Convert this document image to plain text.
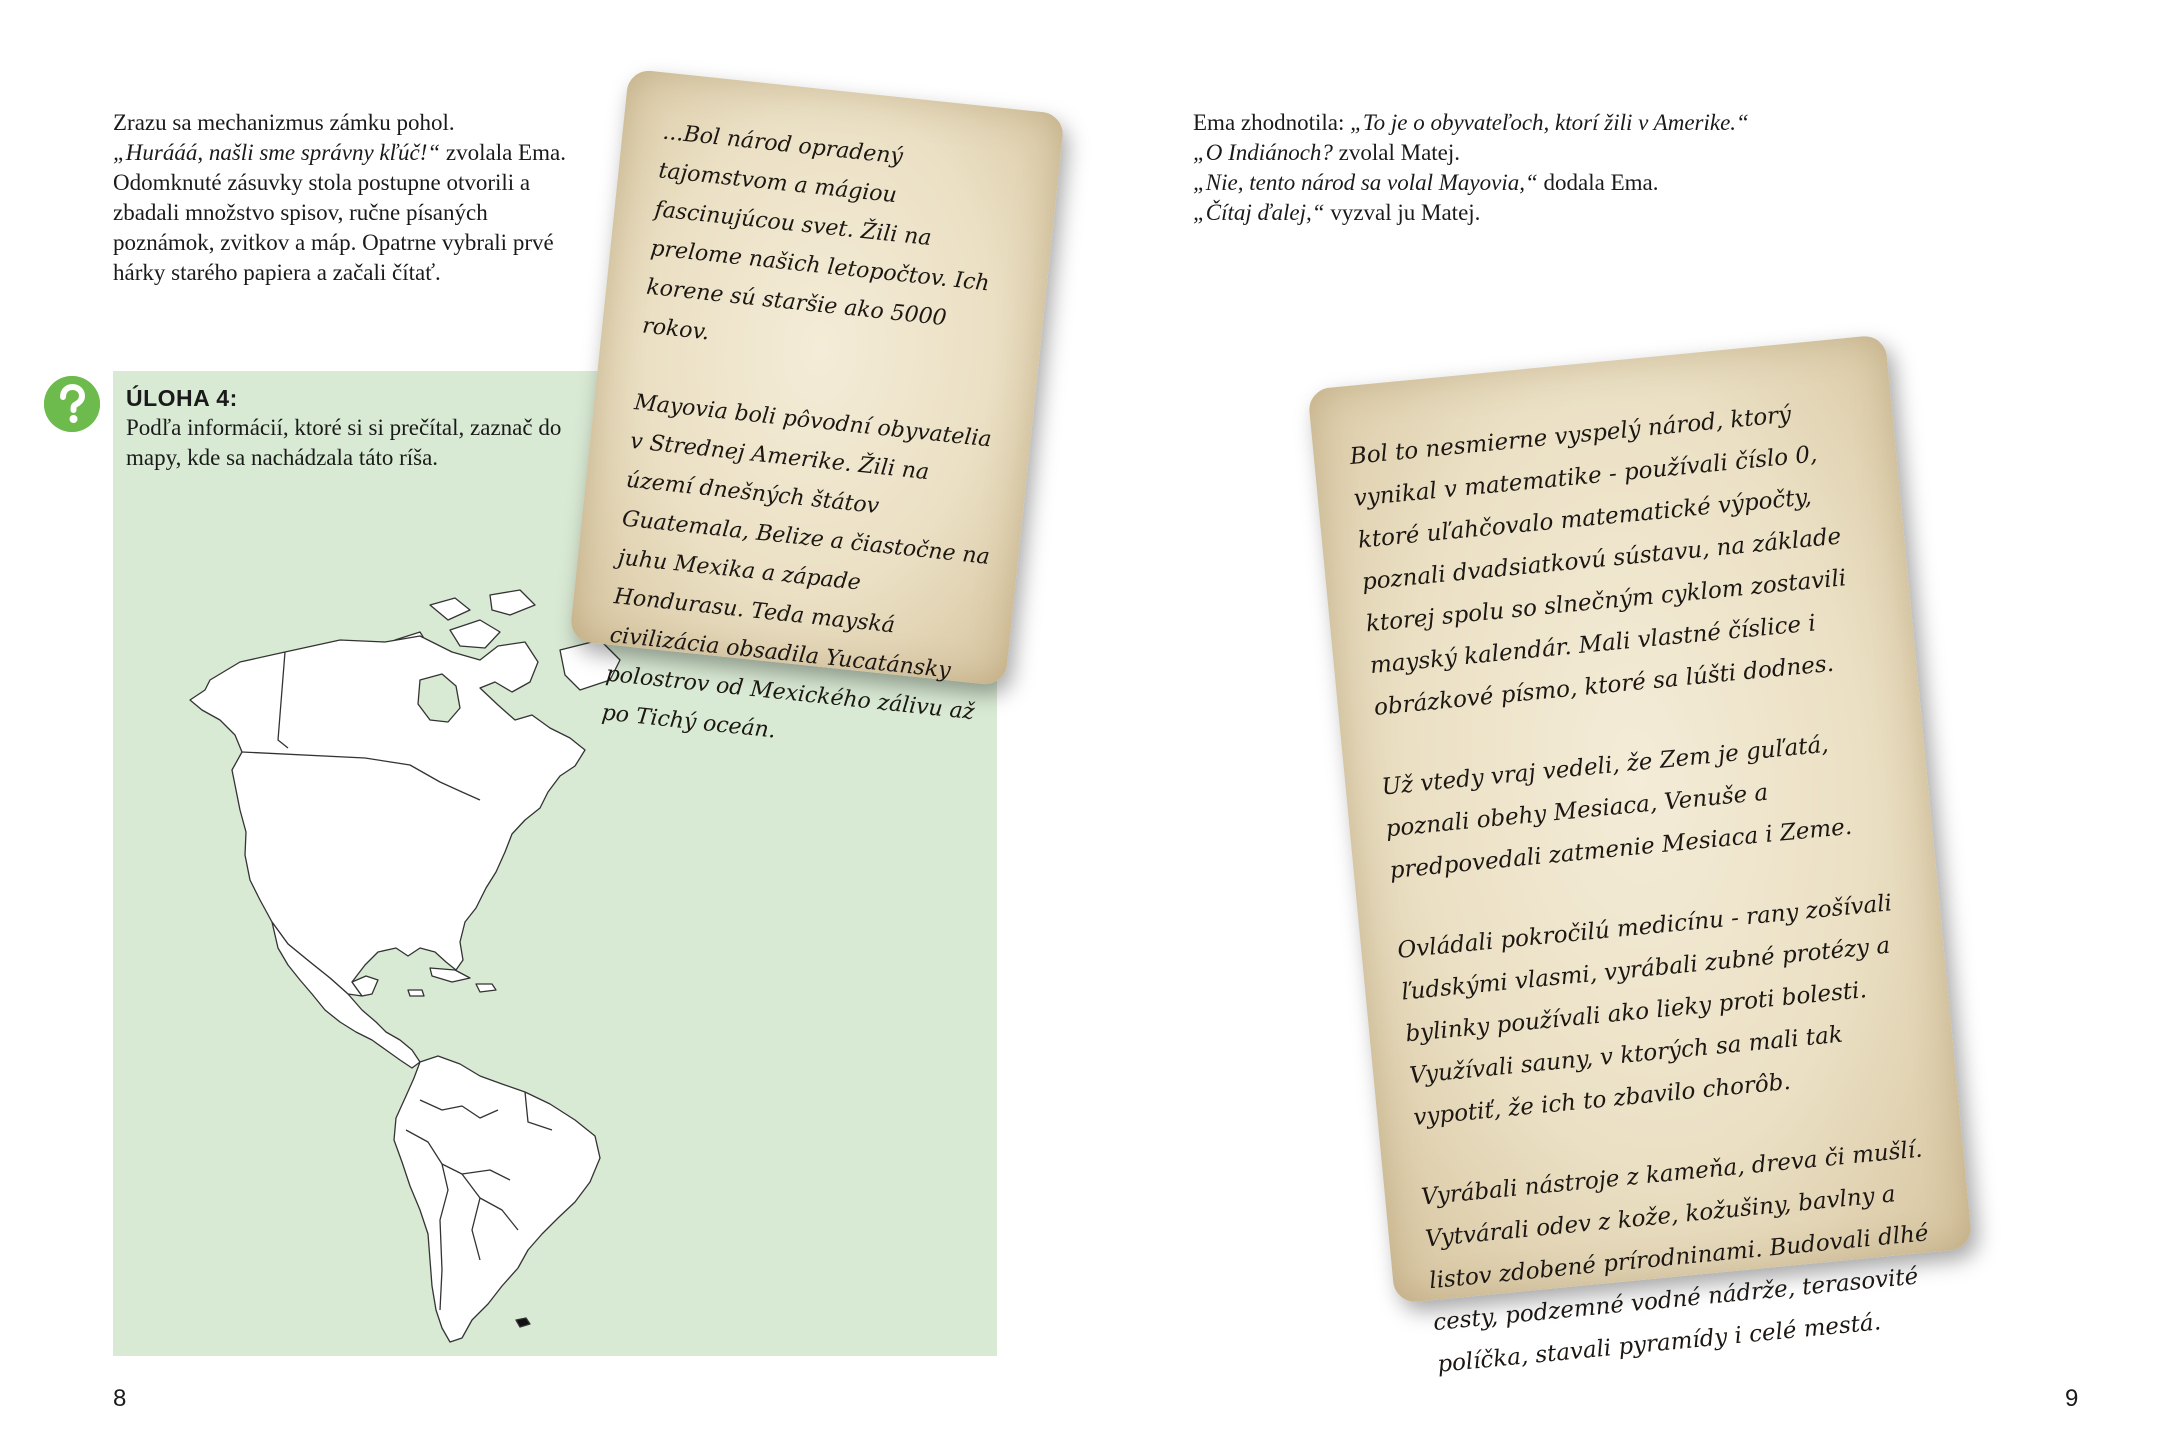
Zrazu sa mechanizmus zámku pohol.

„Hurááá, našli sme správny kľúč!“ zvolala Ema.

Odomknuté zásuvky stola postupne otvorili a zbadali množstvo spisov, ručne písaných poznámok, zvitkov a máp. Opatrne vybrali prvé hárky starého papiera a začali čítať.

ÚLOHA 4:
Podľa informácií, ktoré si si prečítal, zaznač do mapy, kde sa nachádzala táto ríša.

...Bol národ opradený tajomstvom a mágiou fascinujúcou svet. Žili na prelome našich letopočtov. Ich korene sú staršie ako 5000 rokov.

Mayovia boli pôvodní obyvatelia v Strednej Amerike. Žili na území dnešných štátov Guatemala, Belize a čiastočne na juhu Mexika a západe Hondurasu. Teda mayská civilizácia obsadila Yucatánsky polostrov od Mexického zálivu až po Tichý oceán.

8

Ema zhodnotila: „To je o obyvateľoch, ktorí žili v Amerike.“

„O Indiánoch? zvolal Matej.

„Nie, tento národ sa volal Mayovia,“ dodala Ema.

„Čítaj ďalej,“ vyzval ju Matej.

Bol to nesmierne vyspelý národ, ktorý vynikal v matematike - používali číslo 0, ktoré uľahčovalo matematické výpočty, poznali dvadsiatkovú sústavu, na základe ktorej spolu so slnečným cyklom zostavili mayský kalendár. Mali vlastné číslice i obrázkové písmo, ktoré sa lúšti dodnes.

Už vtedy vraj vedeli, že Zem je guľatá, poznali obehy Mesiaca, Venuše a predpovedali zatmenie Mesiaca i Zeme.

Ovládali pokročilú medicínu - rany zošívali ľudskými vlasmi, vyrábali zubné protézy a bylinky používali ako lieky proti bolesti. Využívali sauny, v ktorých sa mali tak vypotiť, že ich to zbavilo chorôb.

Vyrábali nástroje z kameňa, dreva či mušlí. Vytvárali odev z kože, kožušiny, bavlny a listov zdobené prírodninami. Budovali dlhé cesty, podzemné vodné nádrže, terasovité políčka, stavali pyramídy i celé mestá.

9
